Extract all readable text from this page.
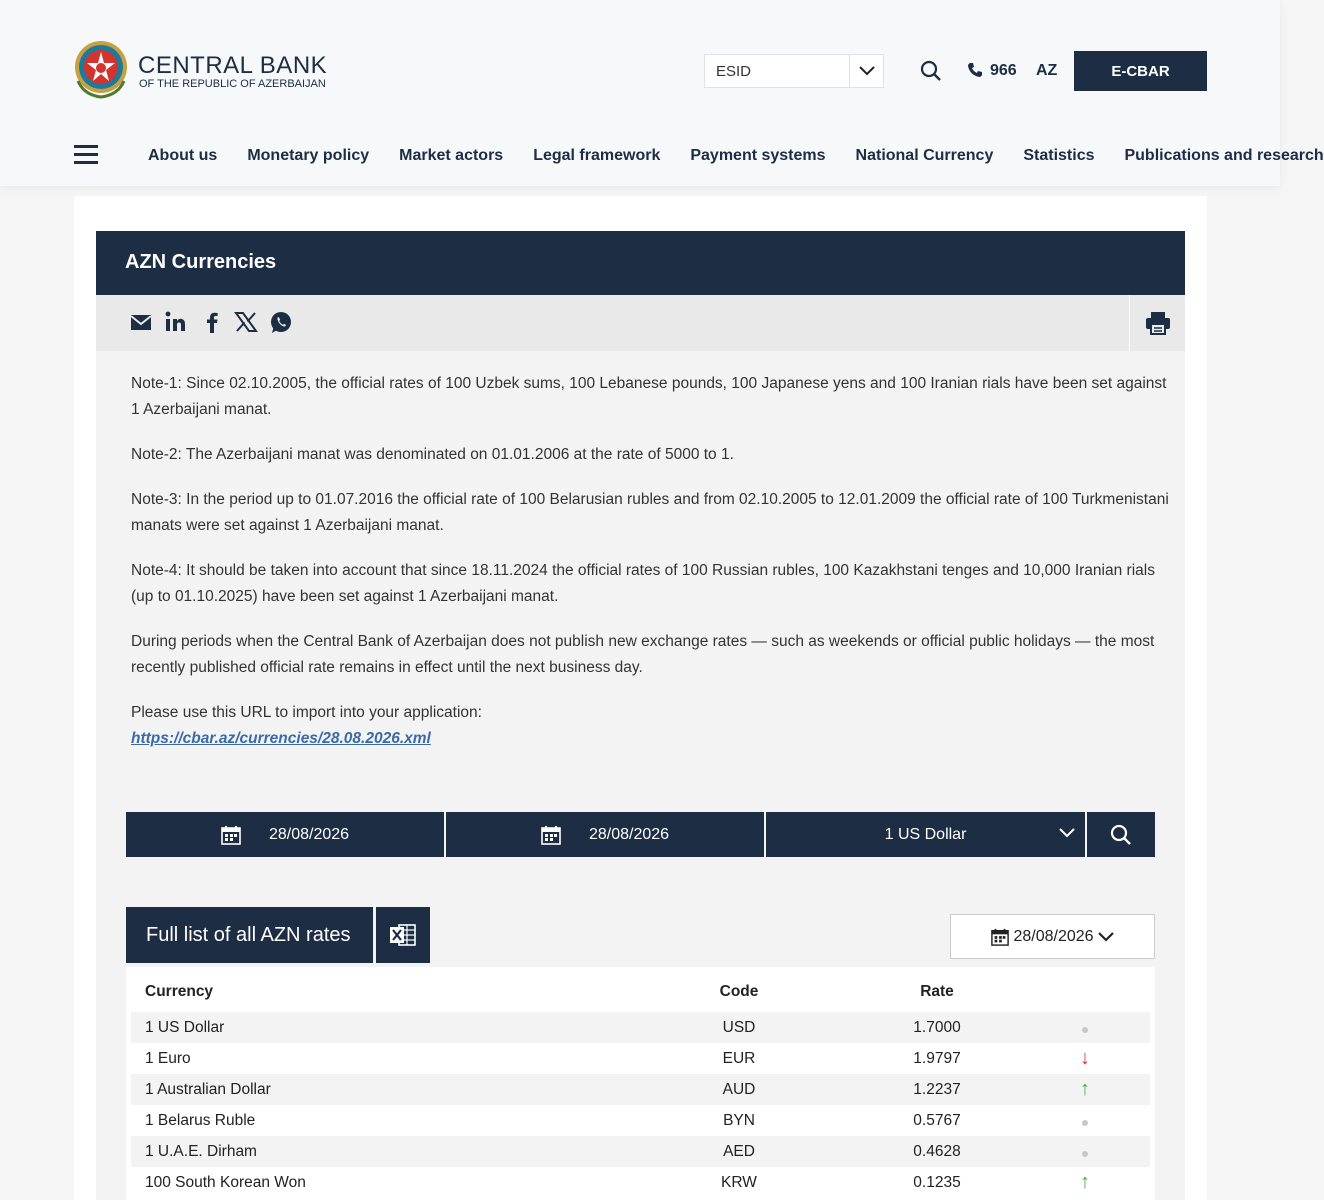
CENTRAL BANK
OF THE REPUBLIC OF AZERBAIJAN
ESID	966 AZ	E-CBAR
About us	Monetary policy	Market actors	Legal framework	Payment systems	National Currency	Statistics	Publications and research
AZN Currencies

Note-1: Since 02.10.2005, the official rates of 100 Uzbek sums, 100 Lebanese pounds, 100 Japanese yens and 100 Iranian rials have been set against 1 Azerbaijani manat.

Note-2: The Azerbaijani manat was denominated on 01.01.2006 at the rate of 5000 to 1.

Note-3: In the period up to 01.07.2016 the official rate of 100 Belarusian rubles and from 02.10.2005 to 12.01.2009 the official rate of 100 Turkmenistani manats were set against 1 Azerbaijani manat.

Note-4: It should be taken into account that since 18.11.2024 the official rates of 100 Russian rubles, 100 Kazakhstani tenges and 10,000 Iranian rials (up to 01.10.2025) have been set against 1 Azerbaijani manat.

During periods when the Central Bank of Azerbaijan does not publish new exchange rates — such as weekends or official public holidays — the most recently published official rate remains in effect until the next business day.

Please use this URL to import into your application:
https://cbar.az/currencies/28.08.2026.xml

28/08/2026	28/08/2026	1 US Dollar
Full list of all AZN rates	28/08/2026
Currency	Code	Rate
1 US Dollar	USD	1.7000
1 Euro	EUR	1.9797	↓
1 Australian Dollar	AUD	1.2237	↑
1 Belarus Ruble	BYN	0.5767
1 U.A.E. Dirham	AED	0.4628
100 South Korean Won	KRW	0.1235	↑
